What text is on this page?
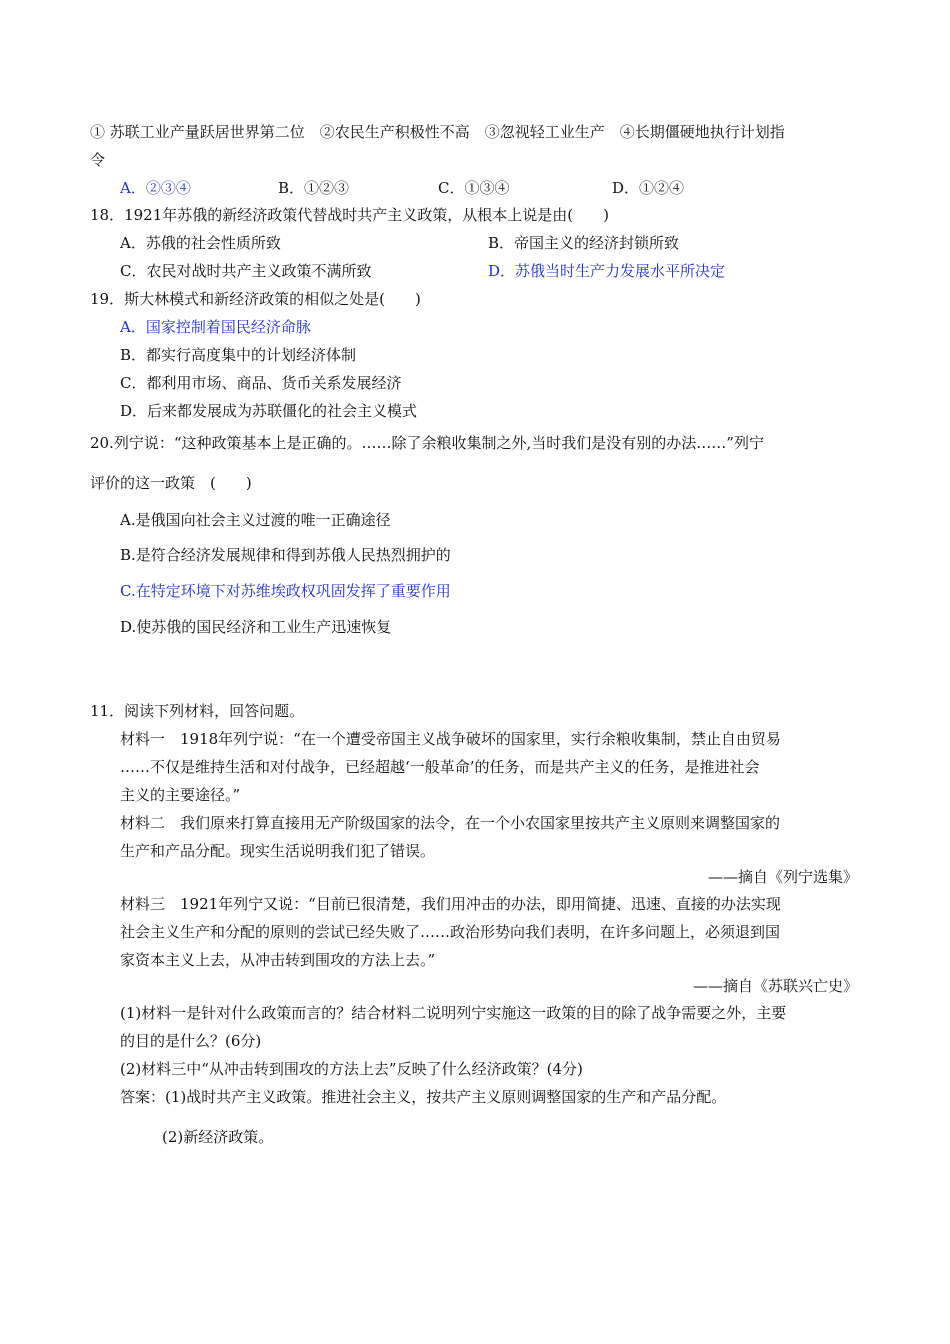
① 苏联工业产量跃居世界第二位　②农民生产积极性不高　③忽视轻工业生产　④长期僵硬地执行计划指
令
A．②③④	B．①②③	C．①③④	D．①②④
18．1921年苏俄的新经济政策代替战时共产主义政策，从根本上说是由(　　)
A．苏俄的社会性质所致	B．帝国主义的经济封锁所致
C．农民对战时共产主义政策不满所致	D．苏俄当时生产力发展水平所决定
19．斯大林模式和新经济政策的相似之处是(　　)
A．国家控制着国民经济命脉
B．都实行高度集中的计划经济体制
C．都利用市场、商品、货币关系发展经济
D．后来都发展成为苏联僵化的社会主义模式
20.列宁说：“这种政策基本上是正确的。……除了余粮收集制之外,当时我们是没有别的办法……”列宁
评价的这一政策　(　　)
A.是俄国向社会主义过渡的唯一正确途径
B.是符合经济发展规律和得到苏俄人民热烈拥护的
C.在特定环境下对苏维埃政权巩固发挥了重要作用
D.使苏俄的国民经济和工业生产迅速恢复
11．阅读下列材料，回答问题。
材料一　1918年列宁说：“在一个遭受帝国主义战争破坏的国家里，实行余粮收集制，禁止自由贸易
……不仅是维持生活和对付战争，已经超越‘一般革命’的任务，而是共产主义的任务，是推进社会
主义的主要途径。”
材料二　我们原来打算直接用无产阶级国家的法令，在一个小农国家里按共产主义原则来调整国家的
生产和产品分配。现实生活说明我们犯了错误。
——摘自《列宁选集》
材料三　1921年列宁又说：“目前已很清楚，我们用冲击的办法，即用简捷、迅速、直接的办法实现
社会主义生产和分配的原则的尝试已经失败了……政治形势向我们表明，在许多问题上，必须退到国
家资本主义上去，从冲击转到围攻的方法上去。”
——摘自《苏联兴亡史》
(1)材料一是针对什么政策而言的？结合材料二说明列宁实施这一政策的目的除了战争需要之外，主要
的目的是什么？(6分)
(2)材料三中“从冲击转到围攻的方法上去”反映了什么经济政策？(4分)
答案：(1)战时共产主义政策。推进社会主义，按共产主义原则调整国家的生产和产品分配。
(2)新经济政策。
